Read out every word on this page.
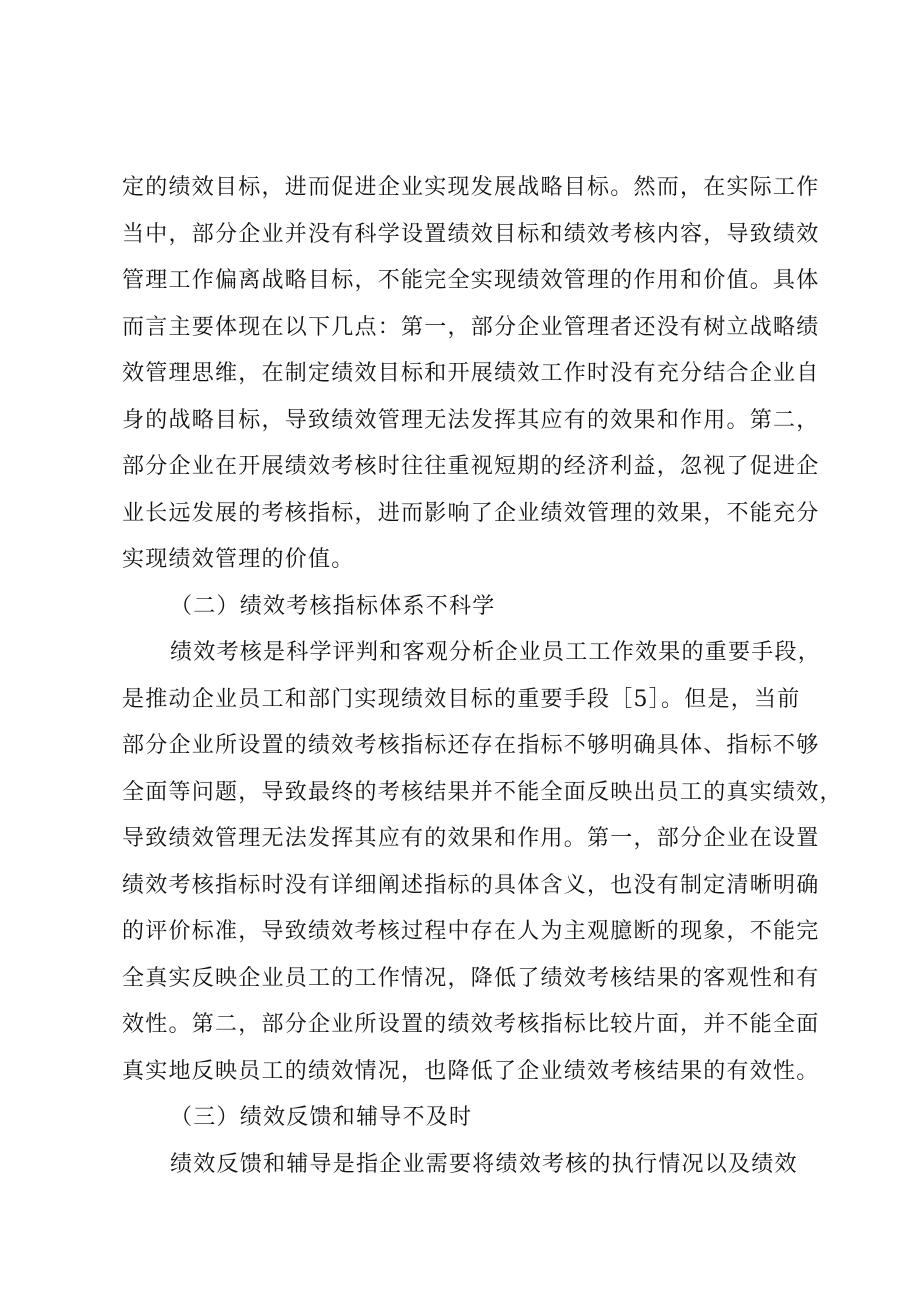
定的绩效目标，进而促进企业实现发展战略目标。然而，在实际工作
当中，部分企业并没有科学设置绩效目标和绩效考核内容，导致绩效
管理工作偏离战略目标，不能完全实现绩效管理的作用和价值。具体
而言主要体现在以下几点：第一，部分企业管理者还没有树立战略绩
效管理思维，在制定绩效目标和开展绩效工作时没有充分结合企业自
身的战略目标，导致绩效管理无法发挥其应有的效果和作用。第二，
部分企业在开展绩效考核时往往重视短期的经济利益，忽视了促进企
业长远发展的考核指标，进而影响了企业绩效管理的效果，不能充分
实现绩效管理的价值。
（二）绩效考核指标体系不科学
绩效考核是科学评判和客观分析企业员工工作效果的重要手段，
是推动企业员工和部门实现绩效目标的重要手段［5］。但是，当前
部分企业所设置的绩效考核指标还存在指标不够明确具体、指标不够
全面等问题，导致最终的考核结果并不能全面反映出员工的真实绩效，
导致绩效管理无法发挥其应有的效果和作用。第一，部分企业在设置
绩效考核指标时没有详细阐述指标的具体含义，也没有制定清晰明确
的评价标准，导致绩效考核过程中存在人为主观臆断的现象，不能完
全真实反映企业员工的工作情况，降低了绩效考核结果的客观性和有
效性。第二，部分企业所设置的绩效考核指标比较片面，并不能全面
真实地反映员工的绩效情况，也降低了企业绩效考核结果的有效性。
（三）绩效反馈和辅导不及时
绩效反馈和辅导是指企业需要将绩效考核的执行情况以及绩效
